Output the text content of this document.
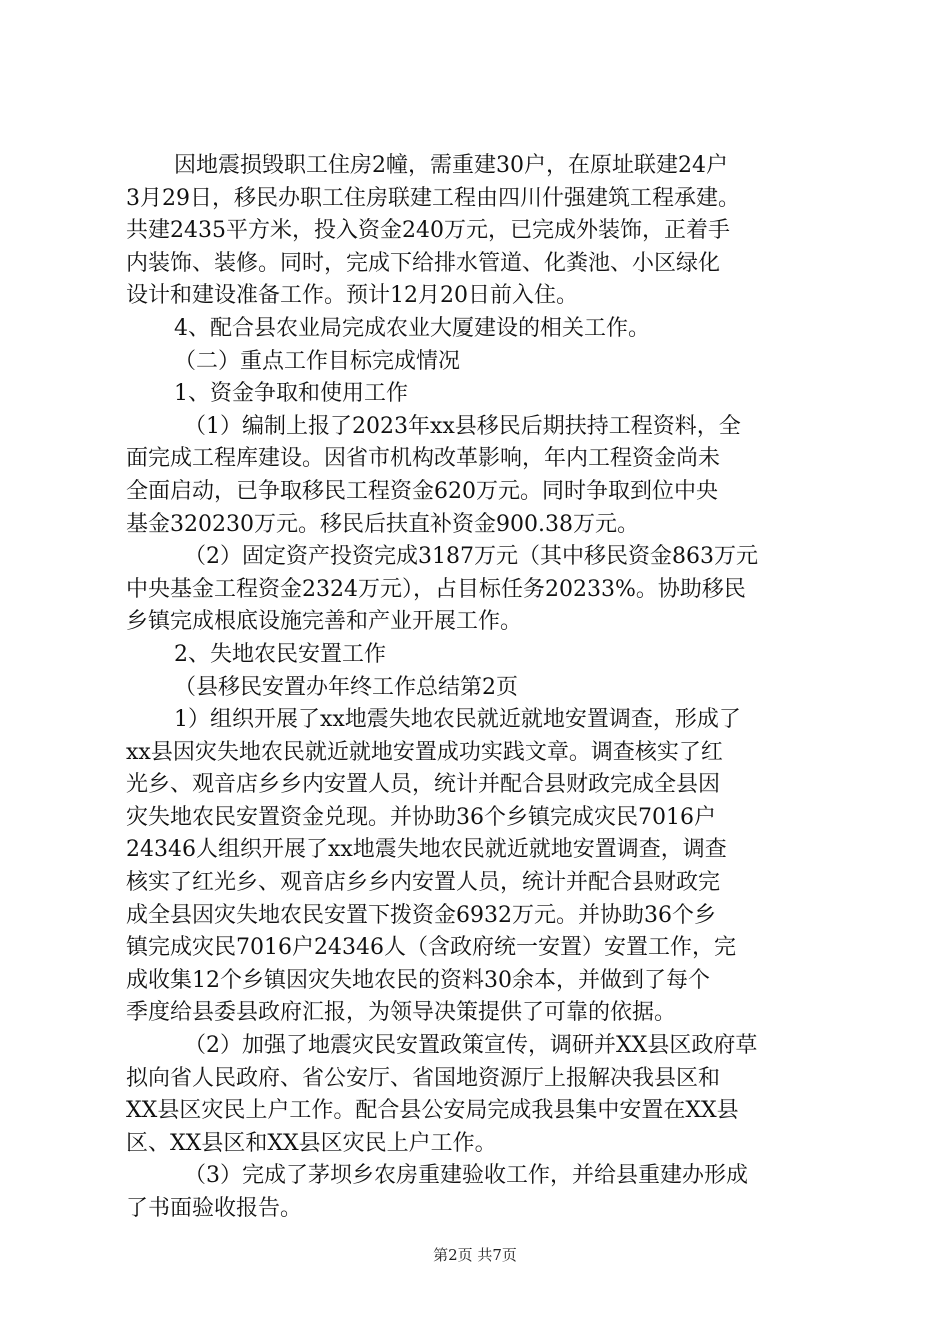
因地震损毁职工住房2幢，需重建30户，在原址联建24户
3月29日，移民办职工住房联建工程由四川什强建筑工程承建。
共建2435平方米，投入资金240万元，已完成外装饰，正着手
内装饰、装修。同时，完成下给排水管道、化粪池、小区绿化
设计和建设准备工作。预计12月20日前入住。
4、配合县农业局完成农业大厦建设的相关工作。
（二）重点工作目标完成情况
1、资金争取和使用工作
（1）编制上报了2023年xx县移民后期扶持工程资料，全
面完成工程库建设。因省市机构改革影响，年内工程资金尚未
全面启动，已争取移民工程资金620万元。同时争取到位中央
基金320230万元。移民后扶直补资金900.38万元。
（2）固定资产投资完成3187万元（其中移民资金863万元
中央基金工程资金2324万元），占目标任务20233%。协助移民
乡镇完成根底设施完善和产业开展工作。
2、失地农民安置工作
（县移民安置办年终工作总结第2页
1）组织开展了xx地震失地农民就近就地安置调查，形成了
xx县因灾失地农民就近就地安置成功实践文章。调查核实了红
光乡、观音店乡乡内安置人员，统计并配合县财政完成全县因
灾失地农民安置资金兑现。并协助36个乡镇完成灾民7016户
24346人组织开展了xx地震失地农民就近就地安置调查，调查
核实了红光乡、观音店乡乡内安置人员，统计并配合县财政完
成全县因灾失地农民安置下拨资金6932万元。并协助36个乡
镇完成灾民7016户24346人（含政府统一安置）安置工作，完
成收集12个乡镇因灾失地农民的资料30余本，并做到了每个
季度给县委县政府汇报，为领导决策提供了可靠的依据。
（2）加强了地震灾民安置政策宣传，调研并XX县区政府草
拟向省人民政府、省公安厅、省国地资源厅上报解决我县区和
XX县区灾民上户工作。配合县公安局完成我县集中安置在XX县
区、XX县区和XX县区灾民上户工作。
（3）完成了茅坝乡农房重建验收工作，并给县重建办形成
了书面验收报告。
第2页 共7页
